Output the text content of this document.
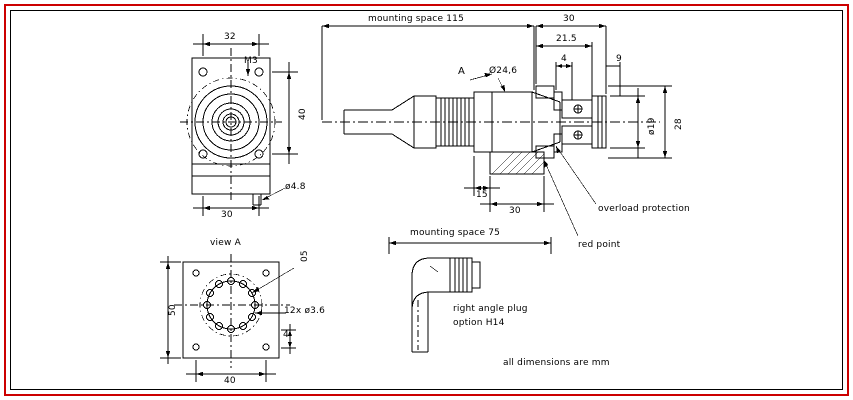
mounting space 115	30
21.5
4	9
32
M3
40
30
ø4.8
A	Ø24,6
ø19 28
15
30	overload protection
red point
view A
50
40
4
05
12x ø3.6
mounting space 75
right angle plug
option H14
all dimensions are mm
